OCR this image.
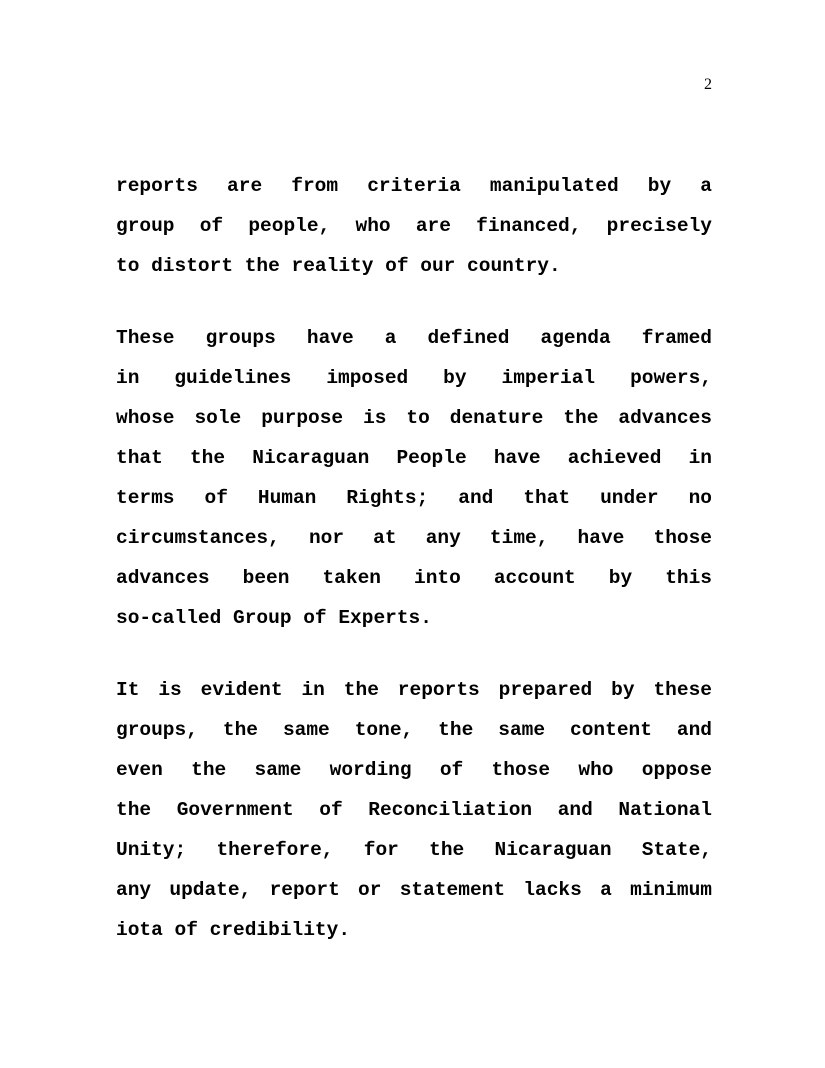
2
reports are from criteria manipulated by a
group of people, who are financed, precisely
to distort the reality of our country.
These groups have a defined agenda framed
in guidelines imposed by imperial powers,
whose sole purpose is to denature the advances
that the Nicaraguan People have achieved in
terms of Human Rights; and that under no
circumstances, nor at any time, have those
advances been taken into account by this
so-called Group of Experts.
It is evident in the reports prepared by these
groups, the same tone, the same content and
even the same wording of those who oppose
the Government of Reconciliation and National
Unity; therefore, for the Nicaraguan State,
any update, report or statement lacks a minimum
iota of credibility.
